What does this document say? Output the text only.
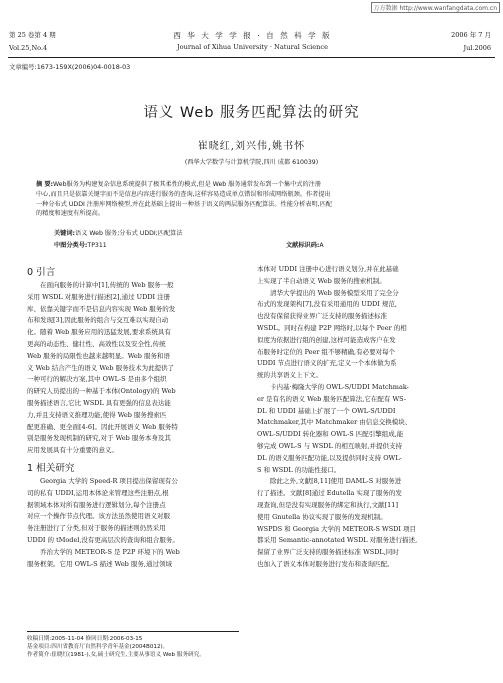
万方数据 http://www.wanfangdata.com.cn
第 25 卷第 4 期
Vol.25,No.4
西 华 大 学 学 报 · 自 然 科 学 版
Journal of Xihua University · Natural Science
2006 年 7 月
Jul.2006
文章编号:1673-159X(2006)04-0018-03
语义 Web 服务匹配算法的研究
崔晓红,刘兴伟,姚书怀
(西华大学数学与计算机学院,四川 成都 610039)
摘 要:Web服务为构建复杂信息系统提供了极其柔性的模式,但是 Web 服务通常发布到一个集中式的注册
中心,而且只是依靠关键字而不是信息内容进行服务的查询,这样容易造成单点错误和形成网络瓶颈。作者提出
一种分布式 UDDI 注册库网络模型,并在此基础上提出一种基于语义的两层服务匹配算法。性能分析表明,匹配
的精度和速度有所提高。
关键词:语义 Web 服务;分布式 UDDI;匹配算法
中图分类号:TP311	文献标识码:A
0 引言
在面向服务的计算中[1],传统的 Web 服务一般
采用 WSDL 对服务进行描述[2],通过 UDDI 注册
库、依靠关键字而不是信息内容实现 Web 服务的发
布和发现[3],因此服务的组合与交互难以实现自动
化。随着 Web 服务应用的迅猛发展,要求系统具有
更高的动态性、健壮性、高效性以及安全性,传统
Web 服务的局限性也越来越明显。Web 服务和语
义 Web 结合产生的语义 Web 服务技术为此提供了
一种可行的解决方案,其中 OWL-S 是由多个组织
的研究人员提出的一种基于本体(Ontology)的 Web
服务描述语言,它比 WSDL 具有更强的信息表达能
力,并且支持语义推理功能,使得 Web 服务搜索匹
配更准确、更全面[4-6]。因此开展语义 Web 服务特
别是服务发现机制的研究,对于 Web 服务本身及其
应用发展具有十分重要的意义。
1 相关研究
Georgia 大学的 Speed-R 项目提出保留现有公
司的私有 UDDI,运用本体论来管理这些注册点,根
据领域本体对所有服务进行逻辑划分,每个注册点
对应一个操作节点代理。该方法虽然使用语义对服
务注册进行了分类,但对于服务的描述则仍然采用
UDDI 的 tModel,没有更高层次的查询和组合服务。
乔治大学的 METEOR-S 是 P2P 环境下的 Web
服务框架。它用 OWL-S 描述 Web 服务,通过领域
本体对 UDDI 注册中心进行语义划分,并在此基础
上实现了半自动语义 Web 服务的搜索机制。
清华大学提出的 Web 服务模型采用了完全分
布式的发现架构[7],没有采用通用的 UDDI 规范,
也没有保留获得业界广泛支持的服务描述标准
WSDL。同时在构建 P2P 网络时,以每个 Peer 的相
似度为依据进行组的创建,这样可能造成客户在发
布服务时定位的 Peer 组不够精确,有必要对每个
UDDI 节点进行语义的扩充,定义一个本体做为系
统的共享语义上下文。
卡内基·梅隆大学的 OWL-S/UDDI Matchmak-
er 是有名的语义 Web 服务匹配算法,它在配有 WS-
DL 和 UDDI 基础上扩展了一个 OWL-S/UDDI
Matchmaker,其中 Matchmaker 由信息交换模块、
OWL-S/UDDI 转化器和 OWL-S 匹配引擎组成,能
够完成 OWL-S 与 WSDL 的相互映射,并提供支持
DL 的语义服务匹配功能,以及提供同时支持 OWL-
S 和 WSDL 的功能性接口。
除此之外,文献[8,11]使用 DAML-S 对服务进
行了描述。文献[8]通过 Edutella 实现了服务的发
现查询,但是没有实现服务的绑定和执行,文献[11]
使用 Gnutella 协议实现了服务的发现机制。
WSPDS 和 Georgia 大学的 METEOR-S WSDI 项目
都采用 Semantic-annotated WSDL 对服务进行描述,
保留了业界广泛支持的服务描述标准 WSDL,同时
也加入了语义本体对服务进行发布和查询匹配。
收稿日期:2005-11-04 修回日期:2006-03-15
基金项目:四川省教育厅自然科学青年基金(2004B012)。
作者简介:崔晓红(1981-),女,硕士研究生,主要从事语义 Web 服务研究。
